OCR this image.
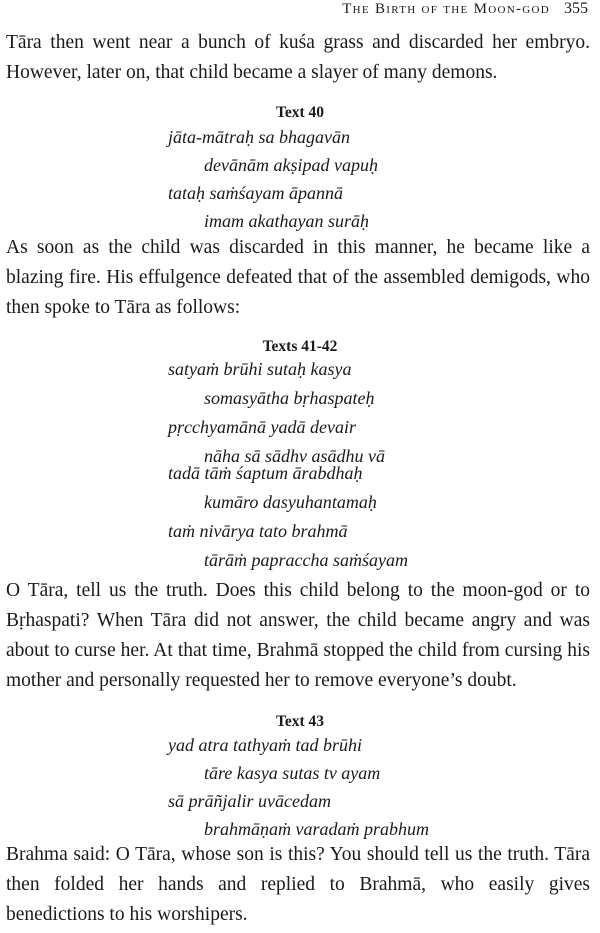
The Birth of the Moon-god 355

Tāra then went near a bunch of kuśa grass and discarded her embryo. However, later on, that child became a slayer of many demons.

Text 40

jāta-mātraḥ sa bhagavān
devānām akṣipad vapuḥ
tataḥ saṁśayam āpannā
imam akathayan surāḥ

As soon as the child was discarded in this manner, he became like a blazing fire. His effulgence defeated that of the assembled demigods, who then spoke to Tāra as follows:

Texts 41-42

satyaṁ brūhi sutaḥ kasya
somasyātha bṛhaspateḥ
pṛcchyamānā yadā devair
nāha sā sādhv asādhu vā
tadā tāṁ śaptum ārabdhaḥ
kumāro dasyuhantamaḥ
taṁ nivārya tato brahmā
tārāṁ papraccha saṁśayam

O Tāra, tell us the truth. Does this child belong to the moon-god or to Bṛhaspati? When Tāra did not answer, the child became angry and was about to curse her. At that time, Brahmā stopped the child from cursing his mother and personally requested her to remove everyone’s doubt.

Text 43

yad atra tathyaṁ tad brūhi
tāre kasya sutas tv ayam
sā prāñjalir uvācedam
brahmāṇaṁ varadaṁ prabhum

Brahma said: O Tāra, whose son is this? You should tell us the truth. Tāra then folded her hands and replied to Brahmā, who easily gives benedictions to his worshipers.
